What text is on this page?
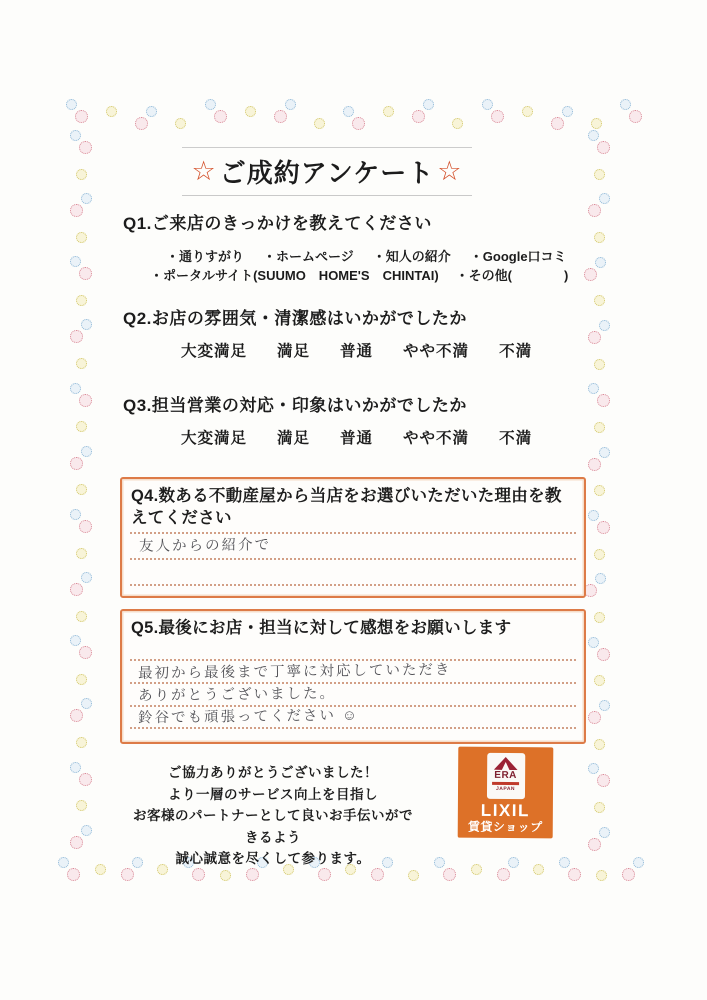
☆ ご成約アンケート ☆
Q1.ご来店のきっかけを教えてください
・通りすがり ・ホームページ ・知人の紹介 ・Google口コミ
・ポータルサイト(SUUMO　HOME'S　CHINTAI) ・その他(　　　　)
Q2.お店の雰囲気・清潔感はいかがでしたか
大変満足 満足 普通 やや不満 不満
Q3.担当営業の対応・印象はいかがでしたか
大変満足 満足 普通 やや不満 不満
Q4.数ある不動産屋から当店をお選びいただいた理由を教えてください
友人からの紹介で
Q5.最後にお店・担当に対して感想をお願いします
最初から最後まで丁寧に対応していただき
ありがとうございました。
鈴谷でも頑張ってください ☺
ご協力ありがとうございました！
より一層のサービス向上を目指し
お客様のパートナーとして良いお手伝いができるよう
誠心誠意を尽くして参ります。
ERA
JAPAN
LIXIL
賃貸ショップ
